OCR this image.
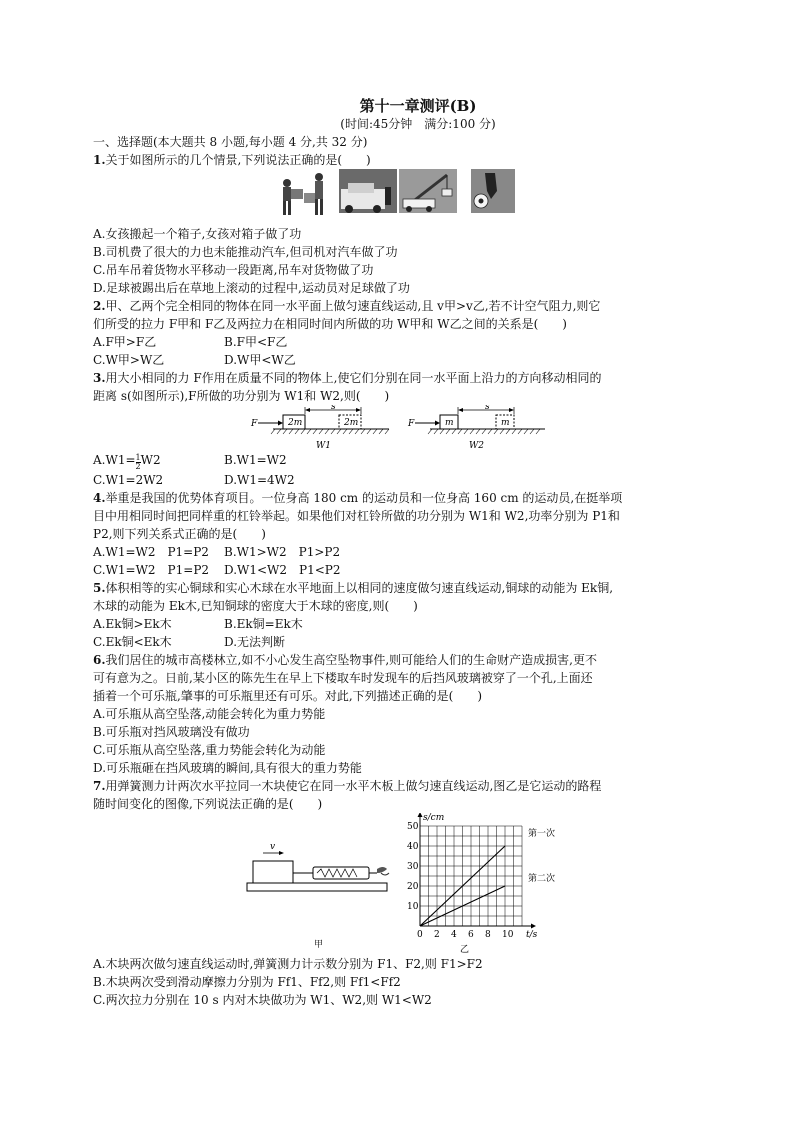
第十一章测评(B)
(时间:45分钟　满分:100 分)
一、选择题(本大题共 8 小题,每小题 4 分,共 32 分)
1.关于如图所示的几个情景,下列说法正确的是(　　)
A.女孩搬起一个箱子,女孩对箱子做了功
B.司机费了很大的力也未能推动汽车,但司机对汽车做了功
C.吊车吊着货物水平移动一段距离,吊车对货物做了功
D.足球被踢出后在草地上滚动的过程中,运动员对足球做了功
2.甲、乙两个完全相同的物体在同一水平面上做匀速直线运动,且 v甲>v乙,若不计空气阻力,则它
们所受的拉力 F甲和 F乙及两拉力在相同时间内所做的功 W甲和 W乙之间的关系是(　　)
A.F甲>F乙	B.F甲<F乙
C.W甲>W乙	D.W甲<W乙
3.用大小相同的力 F作用在质量不同的物体上,使它们分别在同一水平面上沿力的方向移动相同的
距离 s(如图所示),F所做的功分别为 W1和 W2,则(　　)
F	2m	2m
s
W1
F	m	m
s
W2
$A.W1= \frac{1}{2} W2$	B.W1=W2
C.W1=2W2	D.W1=4W2
4.举重是我国的优势体育项目。一位身高 180 cm 的运动员和一位身高 160 cm 的运动员,在挺举项
目中用相同时间把同样重的杠铃举起。如果他们对杠铃所做的功分别为 W1和 W2,功率分别为 P1和
P2,则下列关系式正确的是(　　)
A.W1=W2　P1=P2	B.W1>W2　P1>P2
C.W1=W2　P1=P2	D.W1<W2　P1<P2
5.体积相等的实心铜球和实心木球在水平地面上以相同的速度做匀速直线运动,铜球的动能为 Ek铜,
木球的动能为 Ek木,已知铜球的密度大于木球的密度,则(　　)
A.Ek铜>Ek木	B.Ek铜=Ek木
C.Ek铜<Ek木	D.无法判断
6.我们居住的城市高楼林立,如不小心发生高空坠物事件,则可能给人们的生命财产造成损害,更不
可有意为之。日前,某小区的陈先生在早上下楼取车时发现车的后挡风玻璃被穿了一个孔,上面还
插着一个可乐瓶,肇事的可乐瓶里还有可乐。对此,下列描述正确的是(　　)
A.可乐瓶从高空坠落,动能会转化为重力势能
B.可乐瓶对挡风玻璃没有做功
C.可乐瓶从高空坠落,重力势能会转化为动能
D.可乐瓶砸在挡风玻璃的瞬间,具有很大的重力势能
7.用弹簧测力计两次水平拉同一木块使它在同一水平木板上做匀速直线运动,图乙是它运动的路程
随时间变化的图像,下列说法正确的是(　　)
v
甲
0 2 4 6 8 10
10
20
30
40
50
s/cm
t/s
第一次
第二次
乙
A.木块两次做匀速直线运动时,弹簧测力计示数分别为 F1、F2,则 F1>F2
B.木块两次受到滑动摩擦力分别为 Ff1、Ff2,则 Ff1<Ff2
C.两次拉力分别在 10 s 内对木块做功为 W1、W2,则 W1<W2
